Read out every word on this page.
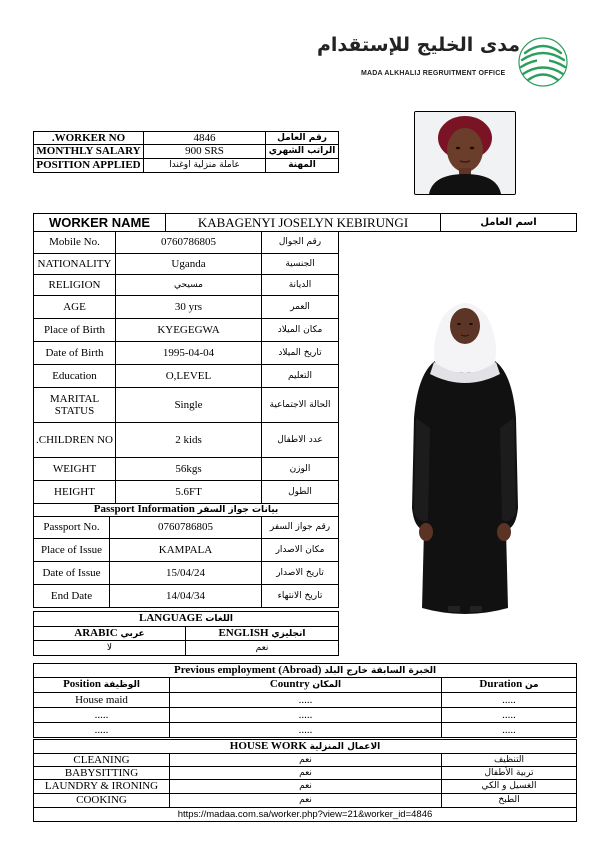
مدى الخليج للإستقدام
MADA ALKHALIJ REGRUITMENT OFFICE
.WORKER NO	4846	رقم العامل
MONTHLY SALARY	900 SRS	الراتب الشهري
POSITION APPLIED	عاملة منزلية اوغندا	المهنة
WORKER NAME	KABAGENYI JOSELYN KEBIRUNGI	اسم العامل
Mobile No.	0760786805	رقم الجوال
NATIONALITY	Uganda	الجنسية
RELIGION	مسيحي	الديانة
AGE	30 yrs	العمر
Place of Birth	KYEGEGWA	مكان الميلاد
Date of Birth	1995-04-04	تاريخ الميلاد
Education	O,LEVEL	التعليم
MARITAL STATUS	Single	الحالة الاجتماعية
.CHILDREN NO	2 kids	عدد الاطفال
WEIGHT	56kgs	الوزن
HEIGHT	5.6FT	الطول
Passport Information بيانات جواز السفر		
Passport No.	0760786805	رقم جواز السفر
Place of Issue	KAMPALA	مكان الاصدار
Date of Issue	15/04/24	تاريخ الاصدار
End Date	14/04/34	تاريخ الانتهاء
LANGUAGE اللغات	
ARABIC عربي	ENGLISH انجليزي
لا	نعم
Previous employment (Abroad) الخبرة السابقة خارج البلد		
Position الوظيفة	Country المكان	Duration من
House maid	.....	.....
.....	.....	.....
.....	.....	.....
HOUSE WORK الاعمال المنزلية		
CLEANING	نعم	التنظيف
BABYSITTING	نعم	تربية الأطفال
LAUNDRY & IRONING	نعم	الغسيل و الكي
COOKING	نعم	الطبخ
https://madaa.com.sa/worker.php?view=21&worker_id=4846		
